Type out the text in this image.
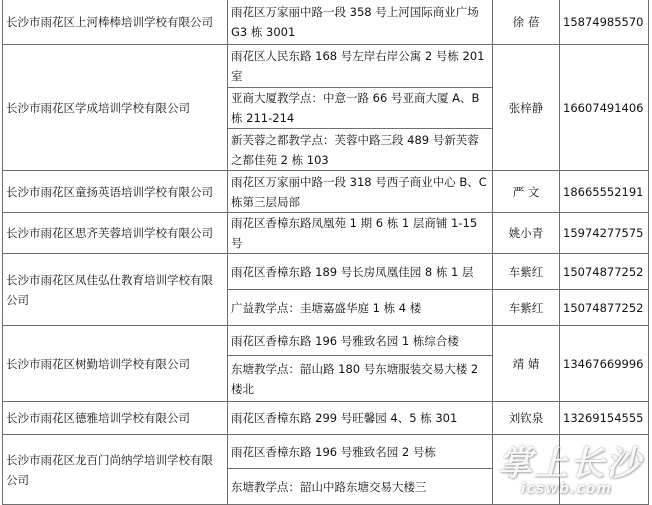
长沙市雨花区上河棒棒培训学校有限公司	雨花区万家丽中路一段 358 号上河国际商业广场 G3 栋 3001	徐 蓓	15874985570
长沙市雨花区学成培训学校有限公司	雨花区人民东路 168 号左岸右岸公寓 2 号栋 201 室	张梓静	16607491406
	亚商大厦教学点：中意一路 66 号亚商大厦 A、B 栋 211-214		
	新芙蓉之都教学点：芙蓉中路三段 489 号新芙蓉之都佳苑 2 栋 103		
长沙市雨花区童扬英语培训学校有限公司	雨花区万家丽中路一段 318 号西子商业中心 B、C 栋第三层局部	严 文	18665552191
长沙市雨花区思齐芙蓉培训学校有限公司	雨花区香樟东路凤凰苑 1 期 6 栋 1 层商铺 1-15 号	姚小青	15974277575
长沙市雨花区凤佳弘仕教育培训学校有限公司	雨花区香樟东路 189 号长房凤凰佳园 8 栋 1 层	车紫红	15074877252
	广益教学点：圭塘嘉盛华庭 1 栋 4 楼	车紫红	15074877252
长沙市雨花区树勤培训学校有限公司	雨花区香樟东路 196 号雅致名园 1 栋综合楼	靖 婧	13467669996
	东塘教学点：韶山路 180 号东塘服装交易大楼 2 楼北		
长沙市雨花区德雅培训学校有限公司	雨花区香樟东路 299 号旺馨园 4、5 栋 301	刘钦泉	13269154555
长沙市雨花区龙百门尚纳学培训学校有限公司	雨花区香樟东路 196 号雅致名园 2 号栋		
	东塘教学点：韶山中路东塘交易大楼三		
掌上长沙
icswb.com
